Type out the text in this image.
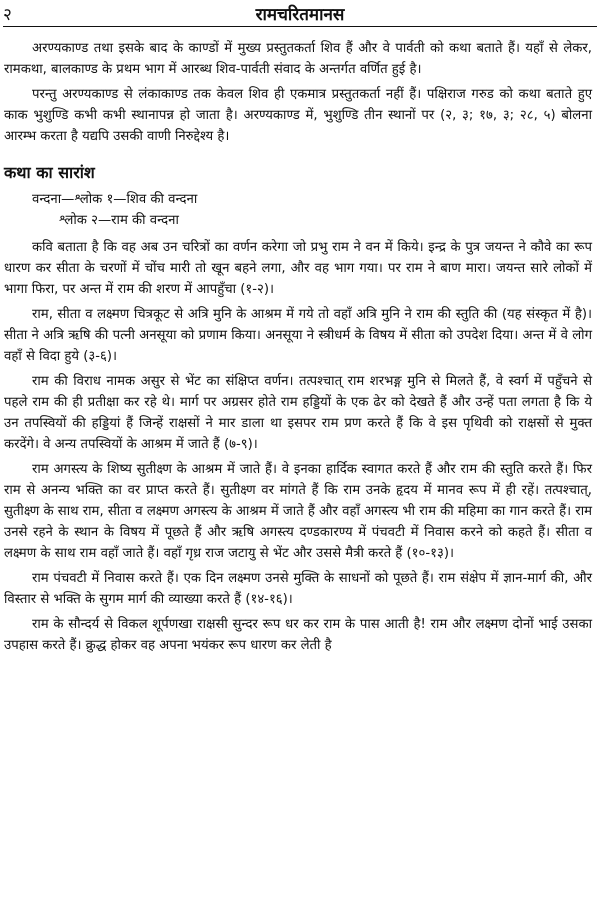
२	रामचरितमानस

अरण्यकाण्ड तथा इसके बाद के काण्डों में मुख्य प्रस्तुतकर्ता शिव हैं और वे पार्वती को कथा बताते हैं। यहाँ से लेकर, रामकथा, बालकाण्ड के प्रथम भाग में आरब्ध शिव-पार्वती संवाद के अन्तर्गत वर्णित हुई है।

परन्तु अरण्यकाण्ड से लंकाकाण्ड तक केवल शिव ही एकमात्र प्रस्तुतकर्ता नहीं हैं। पक्षिराज गरुड को कथा बताते हुए काक भुशुण्डि कभी कभी स्थानापन्न हो जाता है। अरण्यकाण्ड में, भुशुण्डि तीन स्थानों पर (२, ३; १७, ३; २८, ५) बोलना आरम्भ करता है यद्यपि उसकी वाणी निरुद्देश्य है।

कथा का सारांश
वन्दना—श्लोक १—शिव की वन्दना
श्लोक २—राम की वन्दना

कवि बताता है कि वह अब उन चरित्रों का वर्णन करेगा जो प्रभु राम ने वन में किये। इन्द्र के पुत्र जयन्त ने कौवे का रूप धारण कर सीता के चरणों में चोंच मारी तो खून बहने लगा, और वह भाग गया। पर राम ने बाण मारा। जयन्त सारे लोकों में भागा फिरा, पर अन्त में राम की शरण में आपहुँचा (१-२)।

राम, सीता व लक्ष्मण चित्रकूट से अत्रि मुनि के आश्रम में गये तो वहाँ अत्रि मुनि ने राम की स्तुति की (यह संस्कृत में है)। सीता ने अत्रि ऋषि की पत्नी अनसूया को प्रणाम किया। अनसूया ने स्त्रीधर्म के विषय में सीता को उपदेश दिया। अन्त में वे लोग वहाँ से विदा हुये (३-६)।

राम की विराध नामक असुर से भेंट का संक्षिप्त वर्णन। तत्पश्चात् राम शरभङ्ग मुनि से मिलते हैं, वे स्वर्ग में पहुँचने से पहले राम की ही प्रतीक्षा कर रहे थे। मार्ग पर अग्रसर होते राम हड्डियों के एक ढेर को देखते हैं और उन्हें पता लगता है कि ये उन तपस्वियों की हड्डियां हैं जिन्हें राक्षसों ने मार डाला था इसपर राम प्रण करते हैं कि वे इस पृथिवी को राक्षसों से मुक्त करदेंगे। वे अन्य तपस्वियों के आश्रम में जाते हैं (७-९)।

राम अगस्त्य के शिष्य सुतीक्ष्ण के आश्रम में जाते हैं। वे इनका हार्दिक स्वागत करते हैं और राम की स्तुति करते हैं। फिर राम से अनन्य भक्ति का वर प्राप्त करते हैं। सुतीक्ष्ण वर मांगते हैं कि राम उनके हृदय में मानव रूप में ही रहें। तत्पश्चात्, सुतीक्ष्ण के साथ राम, सीता व लक्ष्मण अगस्त्य के आश्रम में जाते हैं और वहाँ अगस्त्य भी राम की महिमा का गान करते हैं। राम उनसे रहने के स्थान के विषय में पूछते हैं और ऋषि अगस्त्य दण्डकारण्य में पंचवटी में निवास करने को कहते हैं। सीता व लक्ष्मण के साथ राम वहाँ जाते हैं। वहाँ गृध्र राज जटायु से भेंट और उससे मैत्री करते हैं (१०-१३)।

राम पंचवटी में निवास करते हैं। एक दिन लक्ष्मण उनसे मुक्ति के साधनों को पूछते हैं। राम संक्षेप में ज्ञान-मार्ग की, और विस्तार से भक्ति के सुगम मार्ग की व्याख्या करते हैं (१४-१६)।

राम के सौन्दर्य से विकल शूर्पणखा राक्षसी सुन्दर रूप धर कर राम के पास आती है! राम और लक्ष्मण दोनों भाई उसका उपहास करते हैं। क्रुद्ध होकर वह अपना भयंकर रूप धारण कर लेती है
